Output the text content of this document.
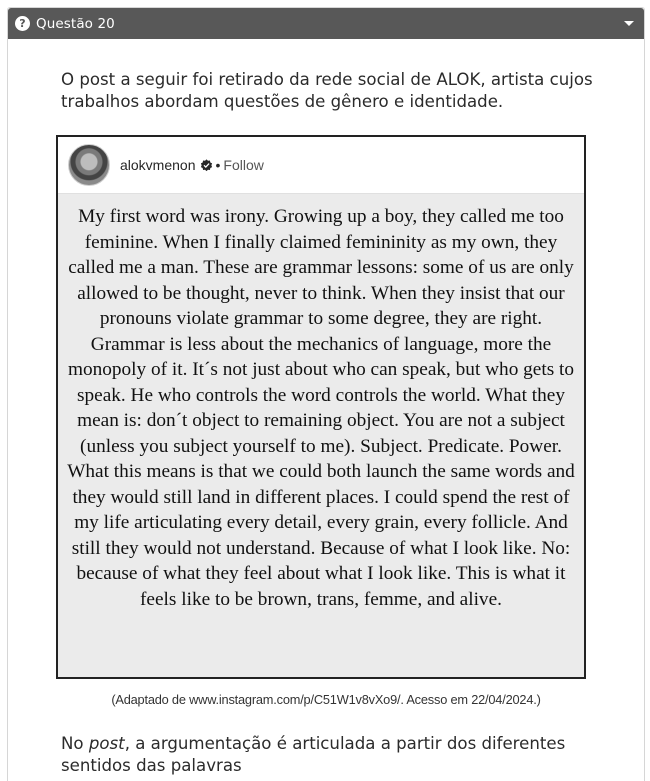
? Questão 20
O post a seguir foi retirado da rede social de ALOK, artista cujos trabalhos abordam questões de gênero e identidade.
alokvmenon • Follow
My first word was irony. Growing up a boy, they called me too feminine. When I finally claimed femininity as my own, they called me a man. These are grammar lessons: some of us are only allowed to be thought, never to think. When they insist that our pronouns violate grammar to some degree, they are right. Grammar is less about the mechanics of language, more the monopoly of it. It´s not just about who can speak, but who gets to speak. He who controls the word controls the world. What they mean is: don´t object to remaining object. You are not a subject (unless you subject yourself to me). Subject. Predicate. Power. What this means is that we could both launch the same words and they would still land in different places. I could spend the rest of my life articulating every detail, every grain, every follicle. And still they would not understand. Because of what I look like. No: because of what they feel about what I look like. This is what it feels like to be brown, trans, femme, and alive.
(Adaptado de www.instagram.com/p/C51W1v8vXo9/. Acesso em 22/04/2024.)
No post, a argumentação é articulada a partir dos diferentes sentidos das palavras
